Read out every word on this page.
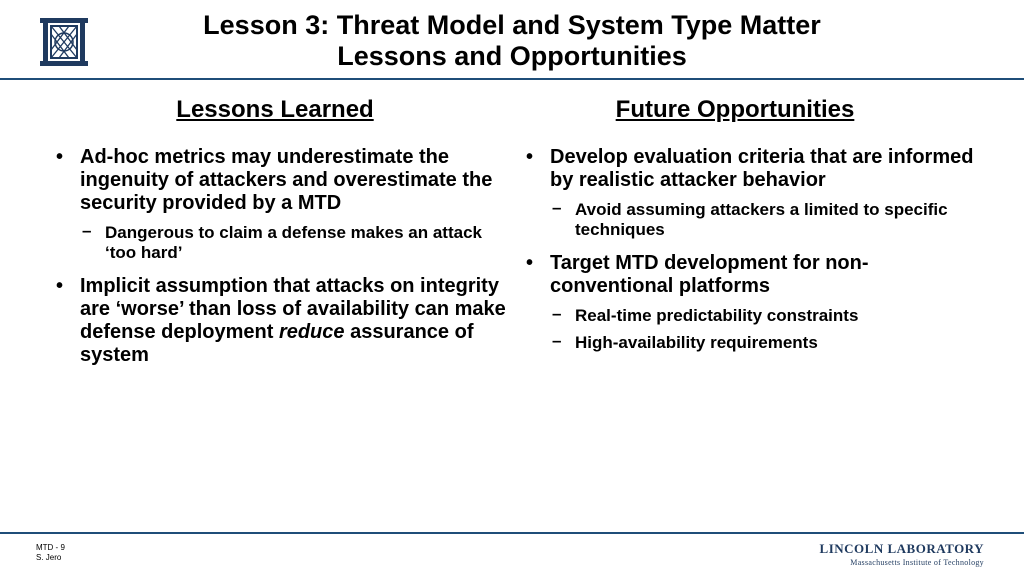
Lesson 3: Threat Model and System Type Matter
Lessons and Opportunities
Lessons Learned
• Ad-hoc metrics may underestimate the ingenuity of attackers and overestimate the security provided by a MTD
– Dangerous to claim a defense makes an attack ‘too hard’
• Implicit assumption that attacks on integrity are ‘worse’ than loss of availability can make defense deployment reduce assurance of system
Future Opportunities
• Develop evaluation criteria that are informed by realistic attacker behavior
– Avoid assuming attackers a limited to specific techniques
• Target MTD development for non-conventional platforms
– Real-time predictability constraints
– High-availability requirements
MTD - 9
S. Jero
LINCOLN LABORATORY
Massachusetts Institute of Technology
